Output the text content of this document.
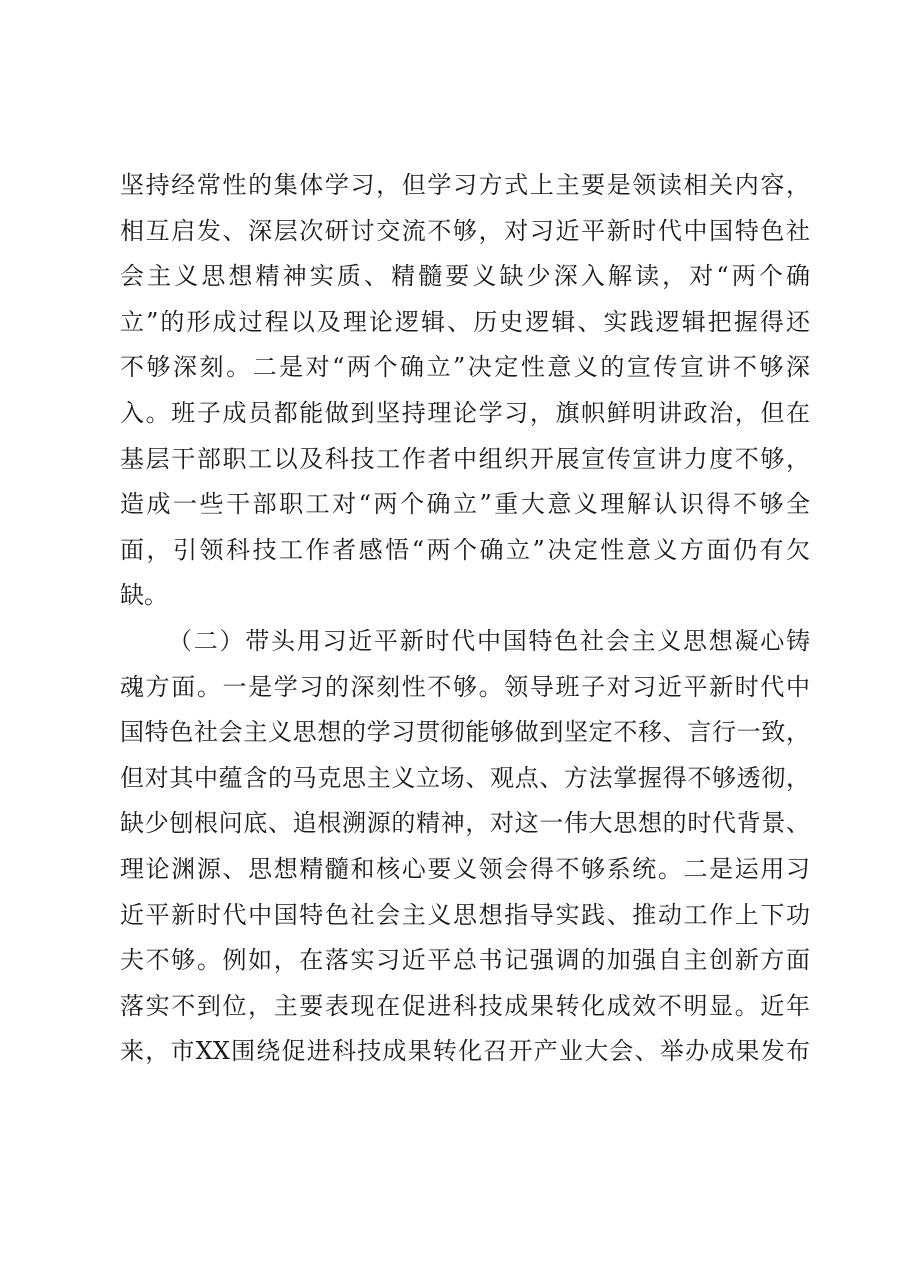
坚持经常性的集体学习，但学习方式上主要是领读相关内容，
相互启发、深层次研讨交流不够，对习近平新时代中国特色社
会主义思想精神实质、精髓要义缺少深入解读，对“两个确
立”的形成过程以及理论逻辑、历史逻辑、实践逻辑把握得还
不够深刻。二是对“两个确立”决定性意义的宣传宣讲不够深
入。班子成员都能做到坚持理论学习，旗帜鲜明讲政治，但在
基层干部职工以及科技工作者中组织开展宣传宣讲力度不够，
造成一些干部职工对“两个确立”重大意义理解认识得不够全
面，引领科技工作者感悟“两个确立”决定性意义方面仍有欠
缺。
（二）带头用习近平新时代中国特色社会主义思想凝心铸
魂方面。一是学习的深刻性不够。领导班子对习近平新时代中
国特色社会主义思想的学习贯彻能够做到坚定不移、言行一致，
但对其中蕴含的马克思主义立场、观点、方法掌握得不够透彻，
缺少刨根问底、追根溯源的精神，对这一伟大思想的时代背景、
理论渊源、思想精髓和核心要义领会得不够系统。二是运用习
近平新时代中国特色社会主义思想指导实践、推动工作上下功
夫不够。例如，在落实习近平总书记强调的加强自主创新方面
落实不到位，主要表现在促进科技成果转化成效不明显。近年
来，市XX围绕促进科技成果转化召开产业大会、举办成果发布
